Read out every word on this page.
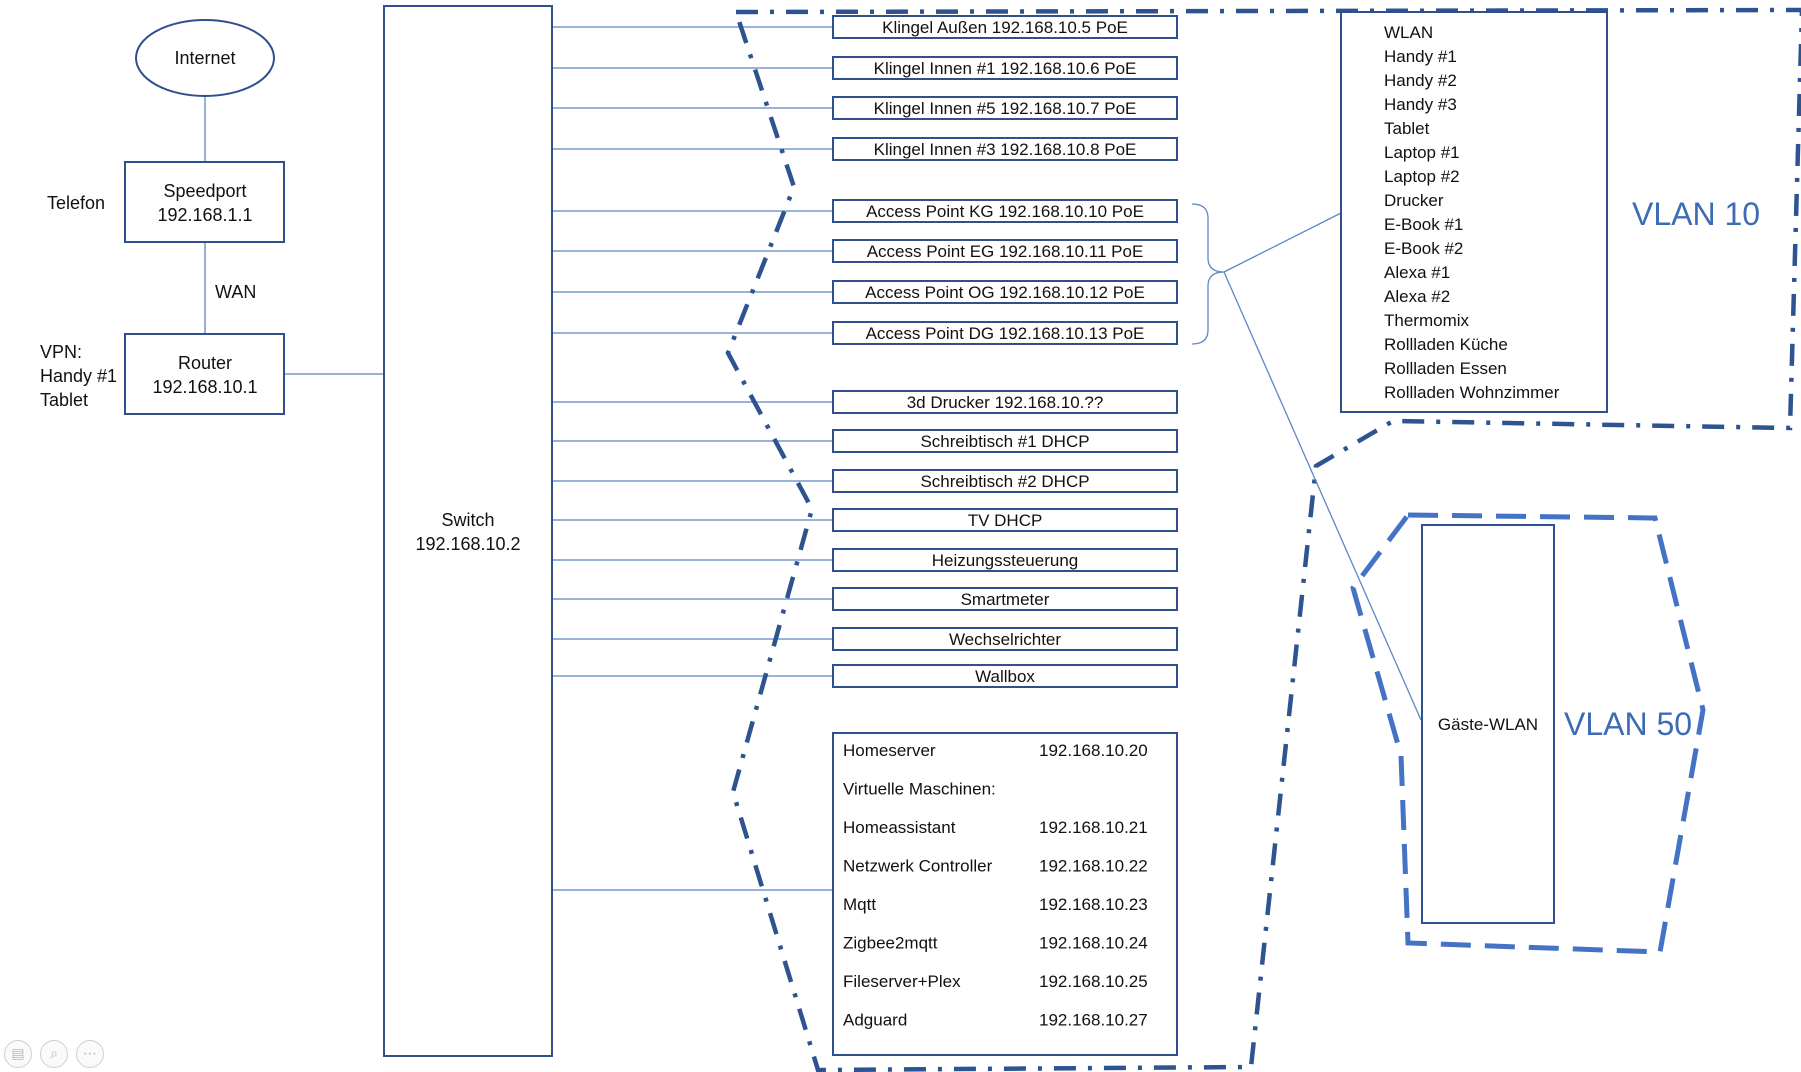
Internet
Speedport
192.168.1.1
Telefon
WAN
Router
192.168.10.1
VPN:
Handy #1
Tablet
Switch
192.168.10.2
Klingel Außen 192.168.10.5 PoE
Klingel Innen #1 192.168.10.6 PoE
Klingel Innen #5 192.168.10.7 PoE
Klingel Innen #3 192.168.10.8 PoE
Access Point KG 192.168.10.10 PoE
Access Point EG 192.168.10.11 PoE
Access Point OG 192.168.10.12 PoE
Access Point DG 192.168.10.13 PoE
3d Drucker 192.168.10.??
Schreibtisch #1 DHCP
Schreibtisch #2 DHCP
TV DHCP
Heizungssteuerung
Smartmeter
Wechselrichter
Wallbox
Homeserver	192.168.10.20
Virtuelle Maschinen:
Homeassistant	192.168.10.21
Netzwerk Controller	192.168.10.22
Mqtt	192.168.10.23
Zigbee2mqtt	192.168.10.24
Fileserver+Plex	192.168.10.25
Adguard	192.168.10.27
WLAN
Handy #1
Handy #2
Handy #3
Tablet
Laptop #1
Laptop #2
Drucker
E-Book #1
E-Book #2
Alexa #1
Alexa #2
Thermomix
Rollladen Küche
Rollladen Essen
Rollladen Wohnzimmer
Gäste-WLAN
VLAN 10
VLAN 50
▤	⌕	⋯
